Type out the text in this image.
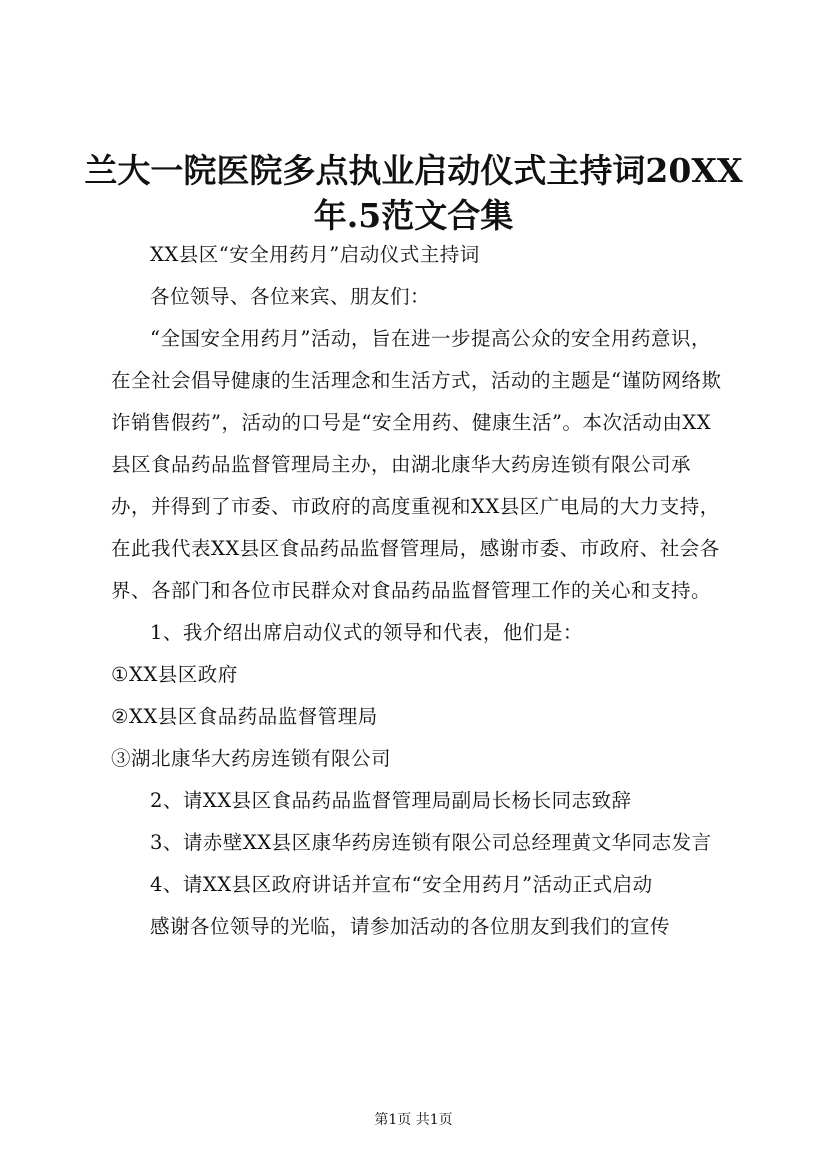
兰大一院医院多点执业启动仪式主持词20XX年.5范文合集

XX县区“安全用药月”启动仪式主持词

各位领导、各位来宾、朋友们：

“全国安全用药月”活动，旨在进一步提高公众的安全用药意识，在全社会倡导健康的生活理念和生活方式，活动的主题是“谨防网络欺诈销售假药”，活动的口号是“安全用药、健康生活”。本次活动由XX县区食品药品监督管理局主办，由湖北康华大药房连锁有限公司承办，并得到了市委、市政府的高度重视和XX县区广电局的大力支持，在此我代表XX县区食品药品监督管理局，感谢市委、市政府、社会各界、各部门和各位市民群众对食品药品监督管理工作的关心和支持。

1、我介绍出席启动仪式的领导和代表，他们是：

①XX县区政府

②XX县区食品药品监督管理局

③湖北康华大药房连锁有限公司

2、请XX县区食品药品监督管理局副局长杨长同志致辞

3、请赤壁XX县区康华药房连锁有限公司总经理黄文华同志发言

4、请XX县区政府讲话并宣布“安全用药月”活动正式启动

感谢各位领导的光临，请参加活动的各位朋友到我们的宣传

第1页 共1页
